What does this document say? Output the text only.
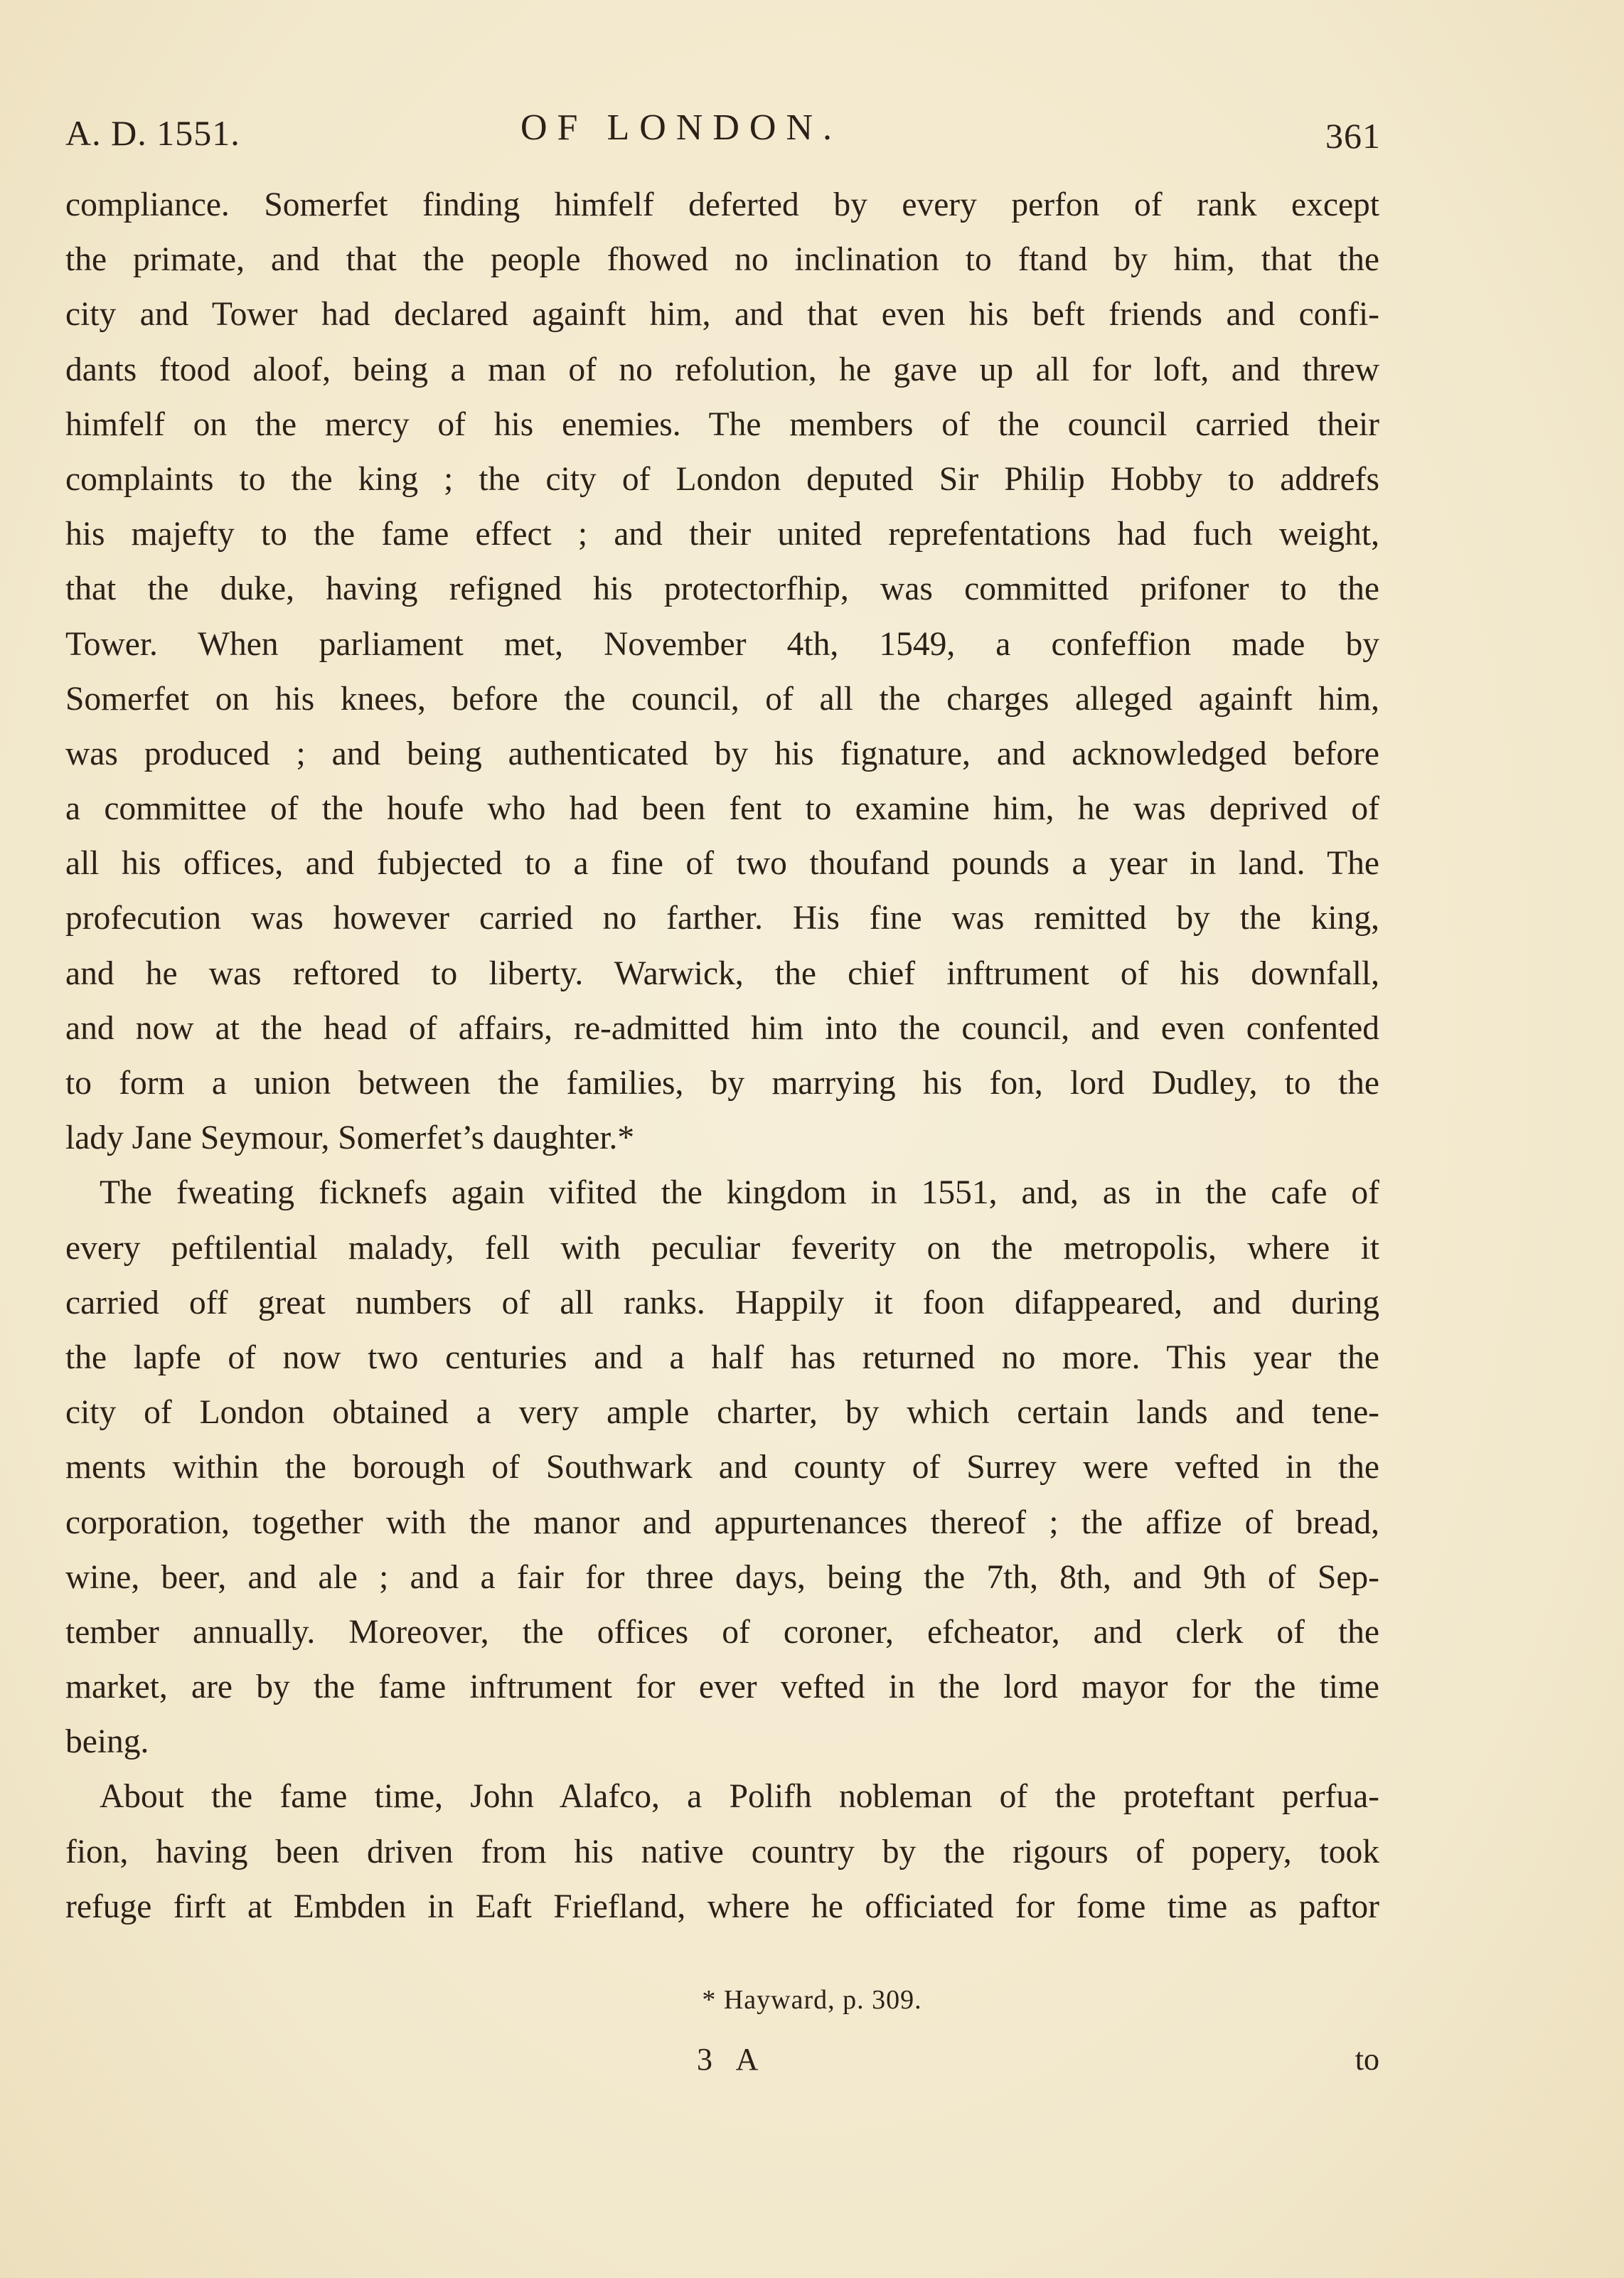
A. D. 1551.	OF LONDON.	361
compliance. Somerfet finding himfelf deferted by every perfon of rank except
the primate, and that the people fhowed no inclination to ftand by him, that the
city and Tower had declared againft him, and that even his beft friends and confi-
dants ftood aloof, being a man of no refolution, he gave up all for loft, and threw
himfelf on the mercy of his enemies. The members of the council carried their
complaints to the king ; the city of London deputed Sir Philip Hobby to addrefs
his majefty to the fame effect ; and their united reprefentations had fuch weight,
that the duke, having refigned his protectorfhip, was committed prifoner to the
Tower. When parliament met, November 4th, 1549, a confeffion made by
Somerfet on his knees, before the council, of all the charges alleged againft him,
was produced ; and being authenticated by his fignature, and acknowledged before
a committee of the houfe who had been fent to examine him, he was deprived of
all his offices, and fubjected to a fine of two thoufand pounds a year in land. The
profecution was however carried no farther. His fine was remitted by the king,
and he was reftored to liberty. Warwick, the chief inftrument of his downfall,
and now at the head of affairs, re-admitted him into the council, and even confented
to form a union between the families, by marrying his fon, lord Dudley, to the
lady Jane Seymour, Somerfet’s daughter.*
The fweating ficknefs again vifited the kingdom in 1551, and, as in the cafe of
every peftilential malady, fell with peculiar feverity on the metropolis, where it
carried off great numbers of all ranks. Happily it foon difappeared, and during
the lapfe of now two centuries and a half has returned no more. This year the
city of London obtained a very ample charter, by which certain lands and tene-
ments within the borough of Southwark and county of Surrey were vefted in the
corporation, together with the manor and appurtenances thereof ; the affize of bread,
wine, beer, and ale ; and a fair for three days, being the 7th, 8th, and 9th of Sep-
tember annually. Moreover, the offices of coroner, efcheator, and clerk of the
market, are by the fame inftrument for ever vefted in the lord mayor for the time
being.
About the fame time, John Alafco, a Polifh nobleman of the proteftant perfua-
fion, having been driven from his native country by the rigours of popery, took
refuge firft at Embden in Eaft Friefland, where he officiated for fome time as paftor
* Hayward, p. 309.
3 A	to
